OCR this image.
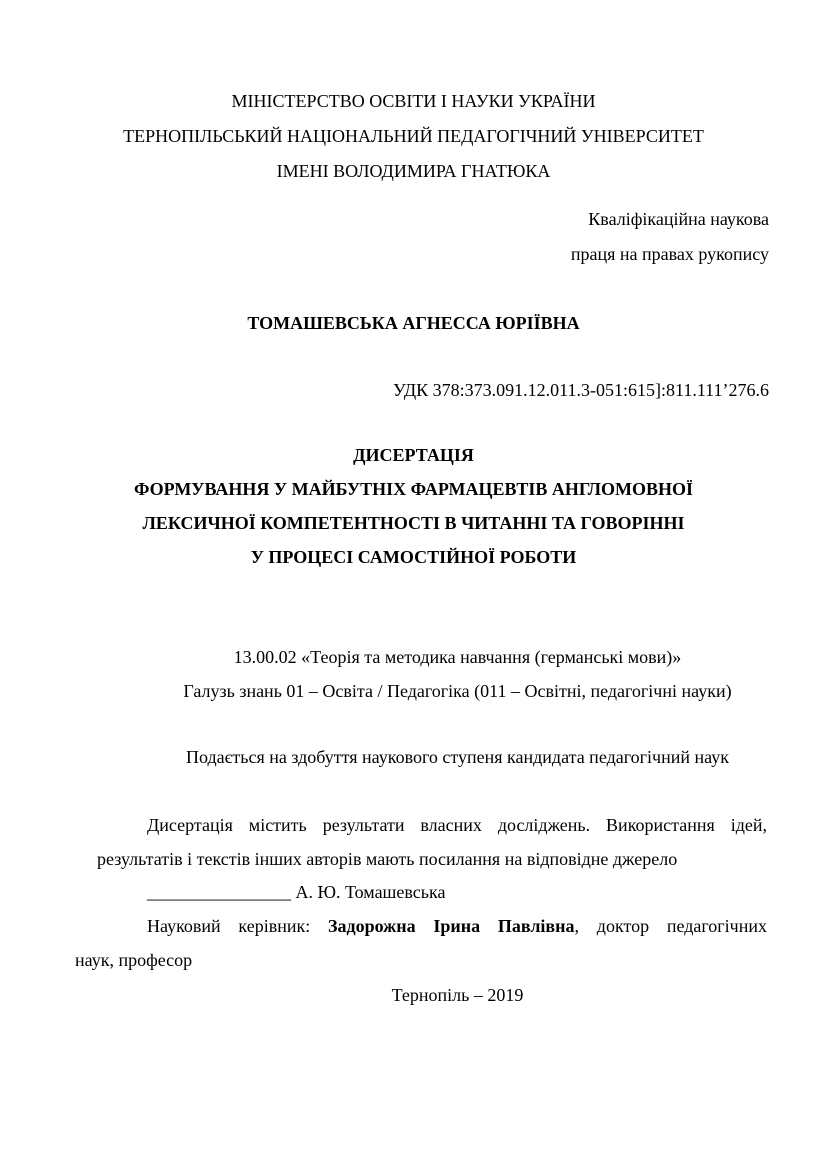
МІНІСТЕРСТВО ОСВІТИ І НАУКИ УКРАЇНИ
ТЕРНОПІЛЬСЬКИЙ НАЦІОНАЛЬНИЙ ПЕДАГОГІЧНИЙ УНІВЕРСИТЕТ
ІМЕНІ ВОЛОДИМИРА ГНАТЮКА
Кваліфікаційна наукова
праця на правах рукопису
ТОМАШЕВСЬКА АГНЕССА ЮРІЇВНА
УДК 378:373.091.12.011.3-051:615]:811.111’276.6
ДИСЕРТАЦІЯ
ФОРМУВАННЯ У МАЙБУТНІХ ФАРМАЦЕВТІВ АНГЛОМОВНОЇ
ЛЕКСИЧНОЇ КОМПЕТЕНТНОСТІ В ЧИТАННІ ТА ГОВОРІННІ
У ПРОЦЕСІ САМОСТІЙНОЇ РОБОТИ
13.00.02 «Теорія та методика навчання (германські мови)»
Галузь знань 01 – Освіта / Педагогіка (011 – Освітні, педагогічні науки)
Подається на здобуття наукового ступеня кандидата педагогічний наук
Дисертація містить результати власних досліджень. Використання ідей,
результатів і текстів інших авторів мають посилання на відповідне джерело
________________ А. Ю. Томашевська
Науковий керівник: Задорожна Ірина Павлівна, доктор педагогічних
наук, професор
Тернопіль – 2019
